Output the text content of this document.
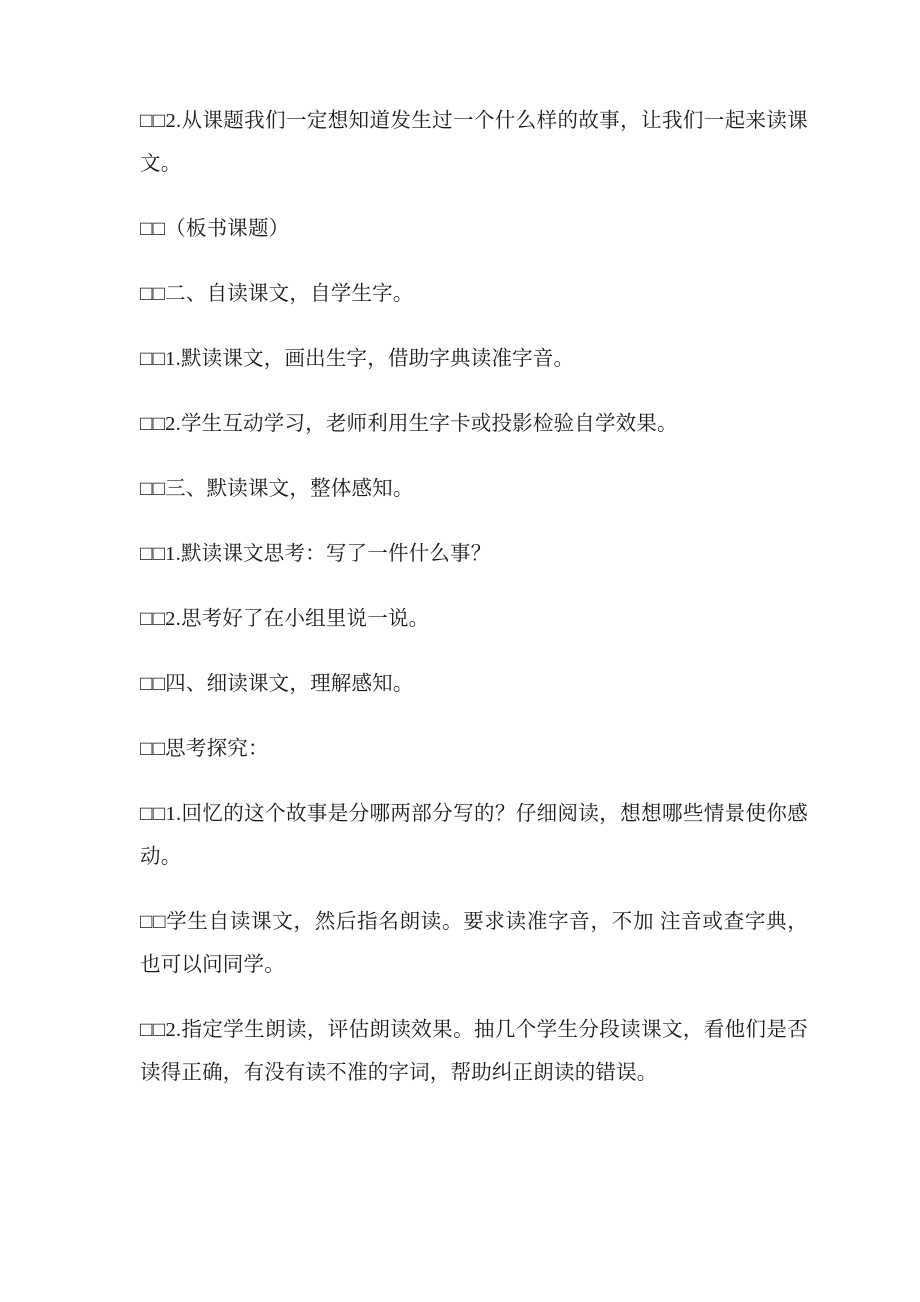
□□2.从课题我们一定想知道发生过一个什么样的故事，让我们一起来读课文。

□□（板书课题）

□□二、自读课文，自学生字。

□□1.默读课文，画出生字，借助字典读准字音。

□□2.学生互动学习，老师利用生字卡或投影检验自学效果。

□□三、默读课文，整体感知。

□□1.默读课文思考：写了一件什么事？

□□2.思考好了在小组里说一说。

□□四、细读课文，理解感知。

□□思考探究：

□□1.回忆的这个故事是分哪两部分写的？仔细阅读，想想哪些情景使你感动。

□□学生自读课文，然后指名朗读。要求读准字音，不加 注音或查字典，也可以问同学。

□□2.指定学生朗读，评估朗读效果。抽几个学生分段读课文，看他们是否读得正确，有没有读不准的字词，帮助纠正朗读的错误。
